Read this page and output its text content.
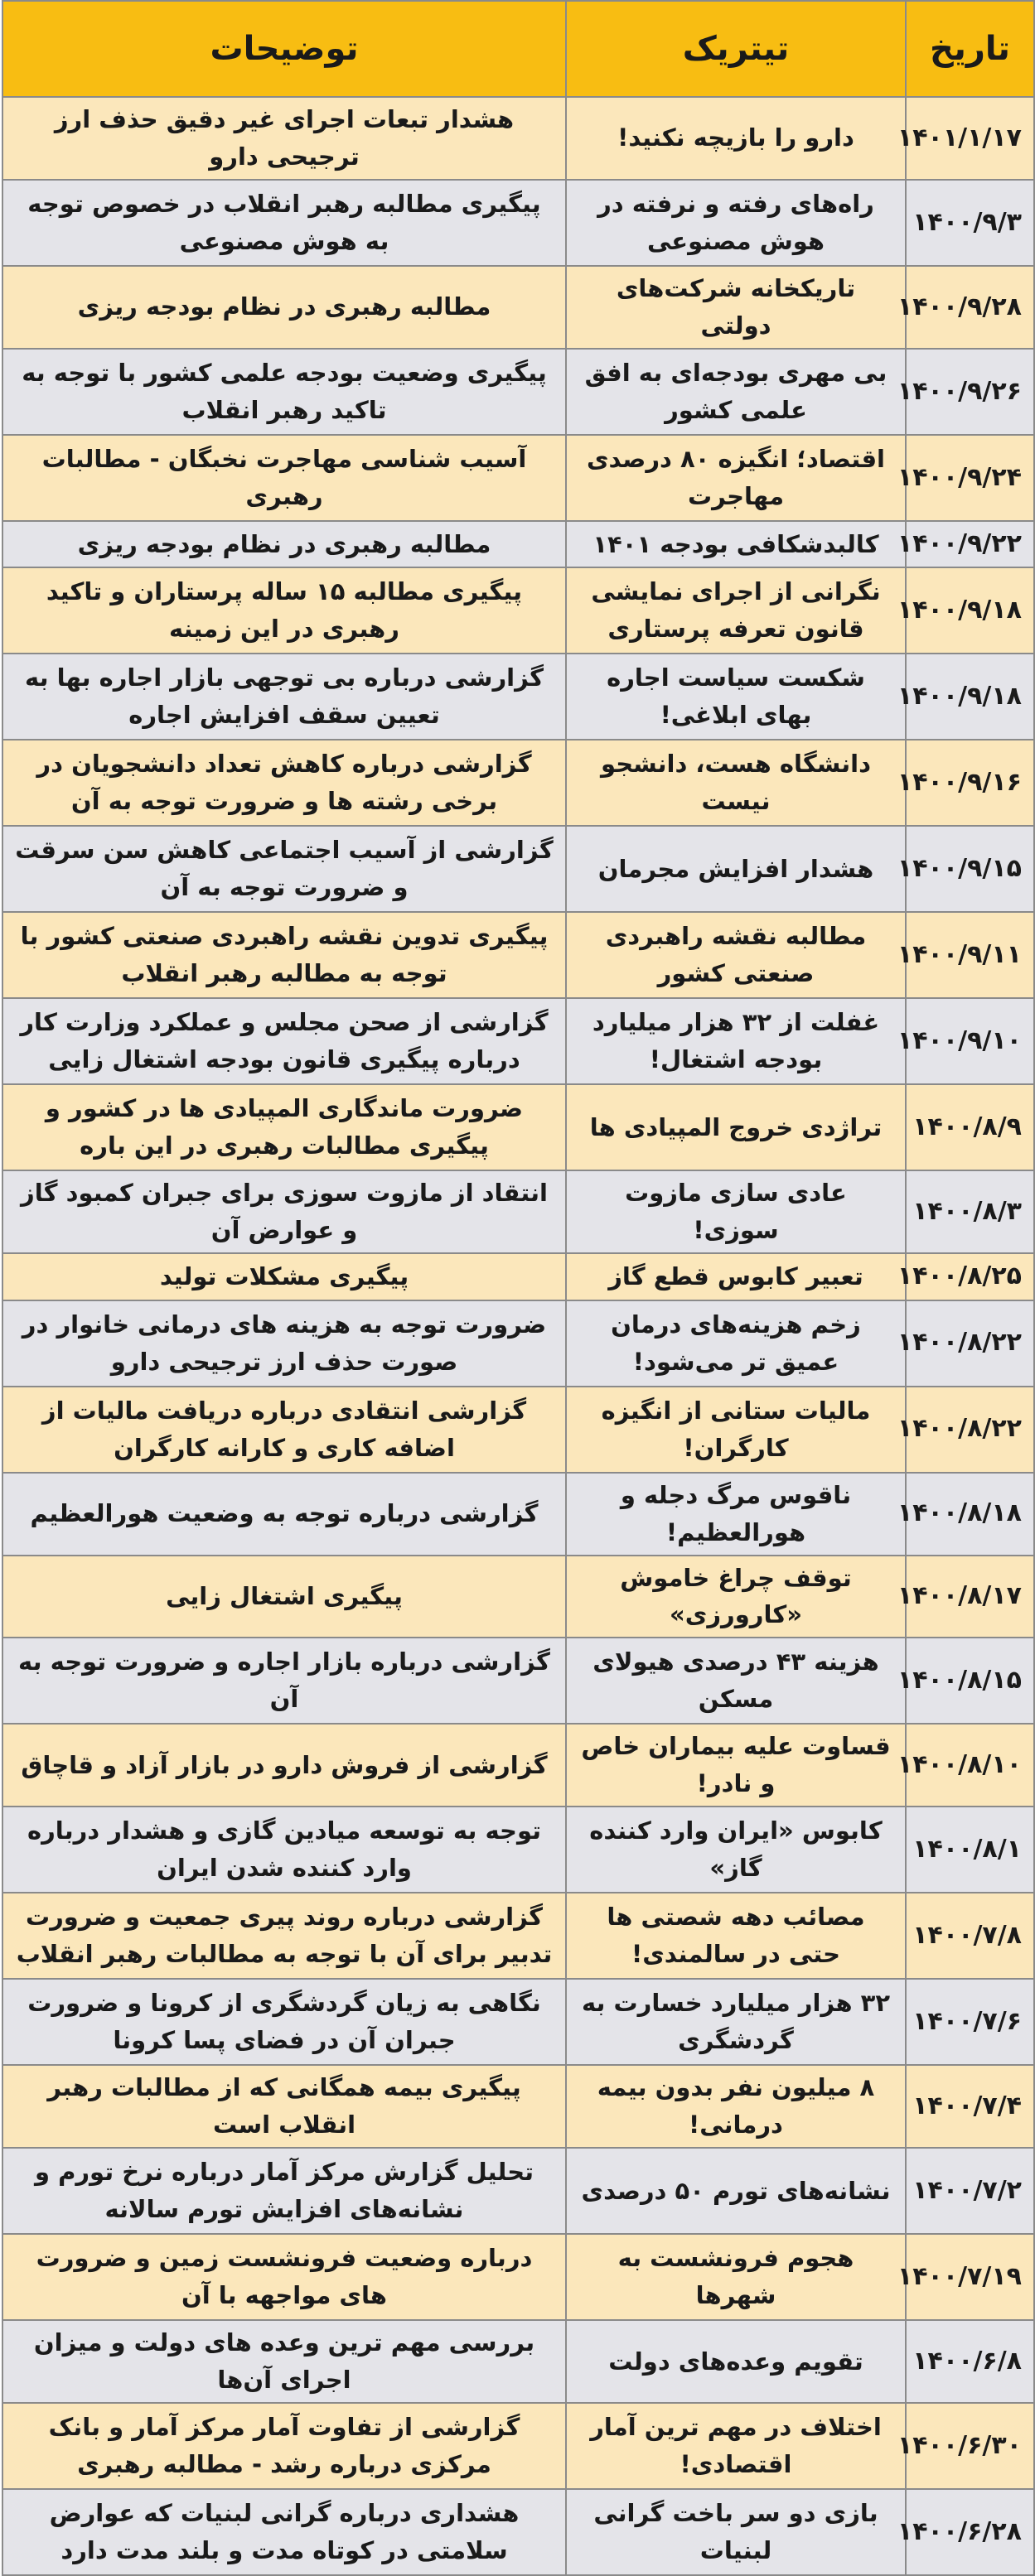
تاریخ	تیتریک	توضیحات
۱۴۰۱/۱/۱۷	دارو را بازیچه نکنید!	هشدار تبعات اجرای غیر دقیق حذف ارز ترجیحی دارو
۱۴۰۰/۹/۳	راه‌های رفته و نرفته در هوش مصنوعی	پیگیری مطالبه رهبر انقلاب در خصوص توجه به هوش مصنوعی
۱۴۰۰/۹/۲۸	تاریکخانه شرکت‌های دولتی	مطالبه رهبری در نظام بودجه ریزی
۱۴۰۰/۹/۲۶	بی مهری بودجه‌ای به افق علمی کشور	پیگیری وضعیت بودجه علمی کشور با توجه به تاکید رهبر انقلاب
۱۴۰۰/۹/۲۴	اقتصاد؛ انگیزه ۸۰ درصدی مهاجرت	آسیب شناسی مهاجرت نخبگان - مطالبات رهبری
۱۴۰۰/۹/۲۲	کالبدشکافی بودجه ۱۴۰۱	مطالبه رهبری در نظام بودجه ریزی
۱۴۰۰/۹/۱۸	نگرانی از اجرای نمایشی قانون تعرفه پرستاری	پیگیری مطالبه ۱۵ ساله پرستاران و تاکید رهبری در این زمینه
۱۴۰۰/۹/۱۸	شکست سیاست اجاره بهای ابلاغی!	گزارشی درباره بی توجهی بازار اجاره بها به تعیین سقف افزایش اجاره
۱۴۰۰/۹/۱۶	دانشگاه هست، دانشجو نیست	گزارشی درباره کاهش تعداد دانشجویان در برخی رشته ها و ضرورت توجه به آن
۱۴۰۰/۹/۱۵	هشدار افزایش مجرمان	گزارشی از آسیب اجتماعی کاهش سن سرقت و ضرورت توجه به آن
۱۴۰۰/۹/۱۱	مطالبه نقشه راهبردی صنعتی کشور	پیگیری تدوین نقشه راهبردی صنعتی کشور با توجه به مطالبه رهبر انقلاب
۱۴۰۰/۹/۱۰	غفلت از ۳۲ هزار میلیارد بودجه اشتغال!	گزارشی از صحن مجلس و عملکرد وزارت کار درباره پیگیری قانون بودجه اشتغال زایی
۱۴۰۰/۸/۹	تراژدی خروج المپیادی ها	ضرورت ماندگاری المپیادی ها در کشور و پیگیری مطالبات رهبری در این باره
۱۴۰۰/۸/۳	عادی سازی مازوت سوزی!	انتقاد از مازوت سوزی برای جبران کمبود گاز و عوارض آن
۱۴۰۰/۸/۲۵	تعبیر کابوس قطع گاز	پیگیری مشکلات تولید
۱۴۰۰/۸/۲۲	زخم هزینه‌های درمان عمیق تر می‌شود!	ضرورت توجه به هزینه های درمانی خانوار در صورت حذف ارز ترجیحی دارو
۱۴۰۰/۸/۲۲	مالیات ستانی از انگیزه کارگران!	گزارشی انتقادی درباره دریافت مالیات از اضافه کاری و کارانه کارگران
۱۴۰۰/۸/۱۸	ناقوس مرگ دجله و هورالعظیم!	گزارشی درباره توجه به وضعیت هورالعظیم
۱۴۰۰/۸/۱۷	توقف چراغ خاموش «کارورزی»	پیگیری اشتغال زایی
۱۴۰۰/۸/۱۵	هزینه ۴۳ درصدی هیولای مسکن	گزارشی درباره بازار اجاره و ضرورت توجه به آن
۱۴۰۰/۸/۱۰	قساوت علیه بیماران خاص و نادر!	گزارشی از فروش دارو در بازار آزاد و قاچاق
۱۴۰۰/۸/۱	کابوس «ایران وارد کننده گاز»	توجه به توسعه میادین گازی و هشدار درباره وارد کننده شدن ایران
۱۴۰۰/۷/۸	مصائب دهه شصتی ها حتی در سالمندی!	گزارشی درباره روند پیری جمعیت و ضرورت تدبیر برای آن با توجه به مطالبات رهبر انقلاب
۱۴۰۰/۷/۶	۳۲ هزار میلیارد خسارت به گردشگری	نگاهی به زیان گردشگری از کرونا و ضرورت جبران آن در فضای پسا کرونا
۱۴۰۰/۷/۴	۸ میلیون نفر بدون بیمه درمانی!	پیگیری بیمه همگانی که از مطالبات رهبر انقلاب است
۱۴۰۰/۷/۲	نشانه‌های تورم ۵۰ درصدی	تحلیل گزارش مرکز آمار درباره نرخ تورم و نشانه‌های افزایش تورم سالانه
۱۴۰۰/۷/۱۹	هجوم فرونشست به شهرها	درباره وضعیت فرونشست زمین و ضرورت های مواجهه با آن
۱۴۰۰/۶/۸	تقویم وعده‌های دولت	بررسی مهم ترین وعده های دولت و میزان اجرای آن‌ها
۱۴۰۰/۶/۳۰	اختلاف در مهم ترین آمار اقتصادی!	گزارشی از تفاوت آمار مرکز آمار و بانک مرکزی درباره رشد - مطالبه رهبری
۱۴۰۰/۶/۲۸	بازی دو سر باخت گرانی لبنیات	هشداری درباره گرانی لبنیات که عوارض سلامتی در کوتاه مدت و بلند مدت دارد
